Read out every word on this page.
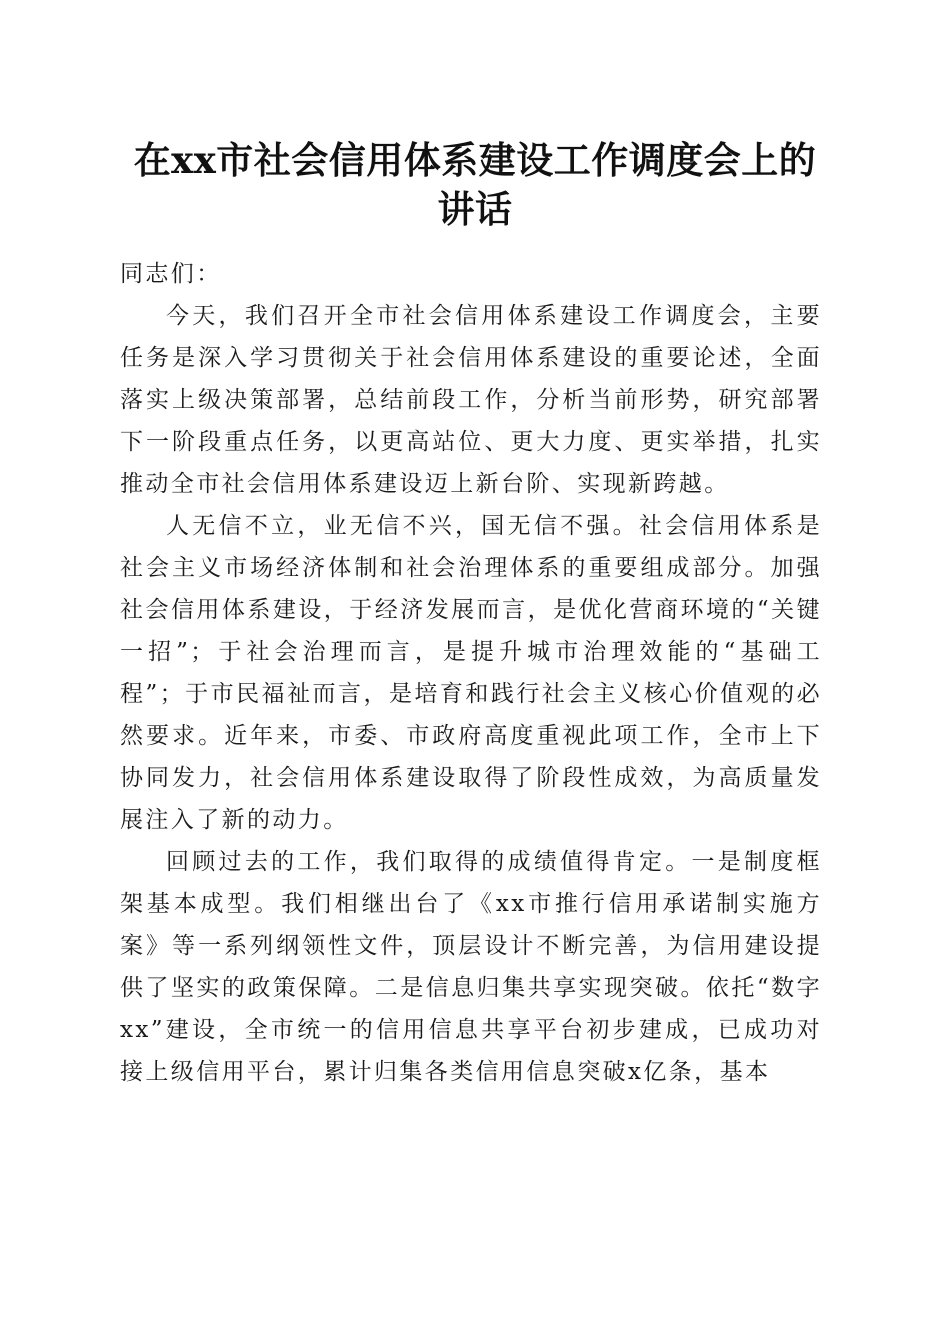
在xx市社会信用体系建设工作调度会上的讲话

同志们：

今天，我们召开全市社会信用体系建设工作调度会，主要任务是深入学习贯彻关于社会信用体系建设的重要论述，全面落实上级决策部署，总结前段工作，分析当前形势，研究部署下一阶段重点任务，以更高站位、更大力度、更实举措，扎实推动全市社会信用体系建设迈上新台阶、实现新跨越。

人无信不立，业无信不兴，国无信不强。社会信用体系是社会主义市场经济体制和社会治理体系的重要组成部分。加强社会信用体系建设，于经济发展而言，是优化营商环境的“关键一招”；于社会治理而言，是提升城市治理效能的“基础工程”；于市民福祉而言，是培育和践行社会主义核心价值观的必然要求。近年来，市委、市政府高度重视此项工作，全市上下协同发力，社会信用体系建设取得了阶段性成效，为高质量发展注入了新的动力。

回顾过去的工作，我们取得的成绩值得肯定。一是制度框架基本成型。我们相继出台了《xx市推行信用承诺制实施方案》等一系列纲领性文件，顶层设计不断完善，为信用建设提供了坚实的政策保障。二是信息归集共享实现突破。依托“数字xx”建设，全市统一的信用信息共享平台初步建成，已成功对接上级信用平台，累计归集各类信用信息突破x亿条，基本
